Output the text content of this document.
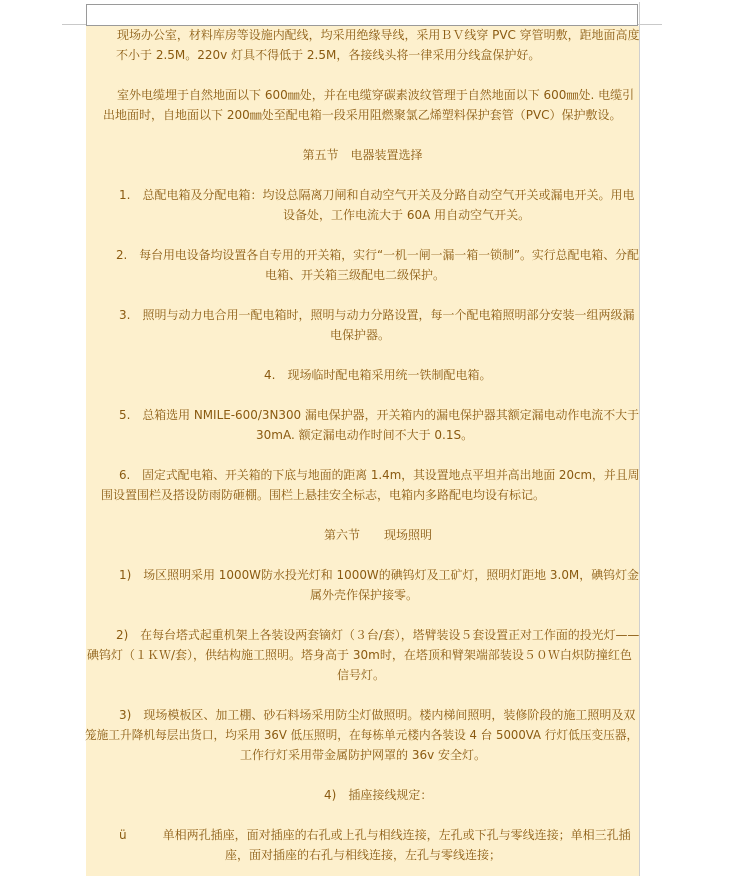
现场办公室，材料库房等设施内配线，均采用绝缘导线，采用ＢＶ线穿 PVC 穿管明敷，距地面高度

不小于 2.5M。220v 灯具不得低于 2.5M，各接线头将一律采用分线盒保护好。

室外电缆埋于自然地面以下 600㎜处，并在电缆穿碳素波纹管理于自然地面以下 600㎜处. 电缆引

出地面时，自地面以下 200㎜处至配电箱一段采用阻燃聚氯乙烯塑料保护套管（PVC）保护敷设。

第五节　电器装置选择

1.　总配电箱及分配电箱：均设总隔离刀闸和自动空气开关及分路自动空气开关或漏电开关。用电

设备处，工作电流大于 60A 用自动空气开关。

2.　每台用电设备均设置各自专用的开关箱，实行“一机一闸一漏一箱一锁制”。实行总配电箱、分配

电箱、开关箱三级配电二级保护。

3.　照明与动力电合用一配电箱时，照明与动力分路设置，每一个配电箱照明部分安装一组两级漏

电保护器。

4.　现场临时配电箱采用统一铁制配电箱。

5.　总箱选用 NMILE-600/3N300 漏电保护器，开关箱内的漏电保护器其额定漏电动作电流不大于

30mA. 额定漏电动作时间不大于 0.1S。

6.　固定式配电箱、开关箱的下底与地面的距离 1.4m，其设置地点平坦并高出地面 20cm，并且周

围设置围栏及搭设防雨防砸棚。围栏上悬挂安全标志，电箱内多路配电均设有标记。

第六节　　现场照明

1)　场区照明采用 1000W防水投光灯和 1000W的碘钨灯及工矿灯，照明灯距地 3.0M，碘钨灯金

属外壳作保护接零。

2)　在每台塔式起重机架上各装设两套镝灯（３台/套），塔臂装设５套设置正对工作面的投光灯——

碘钨灯（１ＫＷ/套），供结构施工照明。塔身高于 30m时，在塔顶和臂架端部装设５０Ｗ白炽防撞红色

信号灯。

3)　现场模板区、加工棚、砂石料场采用防尘灯做照明。楼内梯间照明，装修阶段的施工照明及双

笼施工升降机每层出货口，均采用 36V 低压照明，在每栋单元楼内各装设 4 台 5000VA 行灯低压变压器，

工作行灯采用带金属防护网罩的 36v 安全灯。

4)　插座接线规定：

ü　　　单相两孔插座，面对插座的右孔或上孔与相线连接，左孔或下孔与零线连接；单相三孔插

座，面对插座的右孔与相线连接，左孔与零线连接；
